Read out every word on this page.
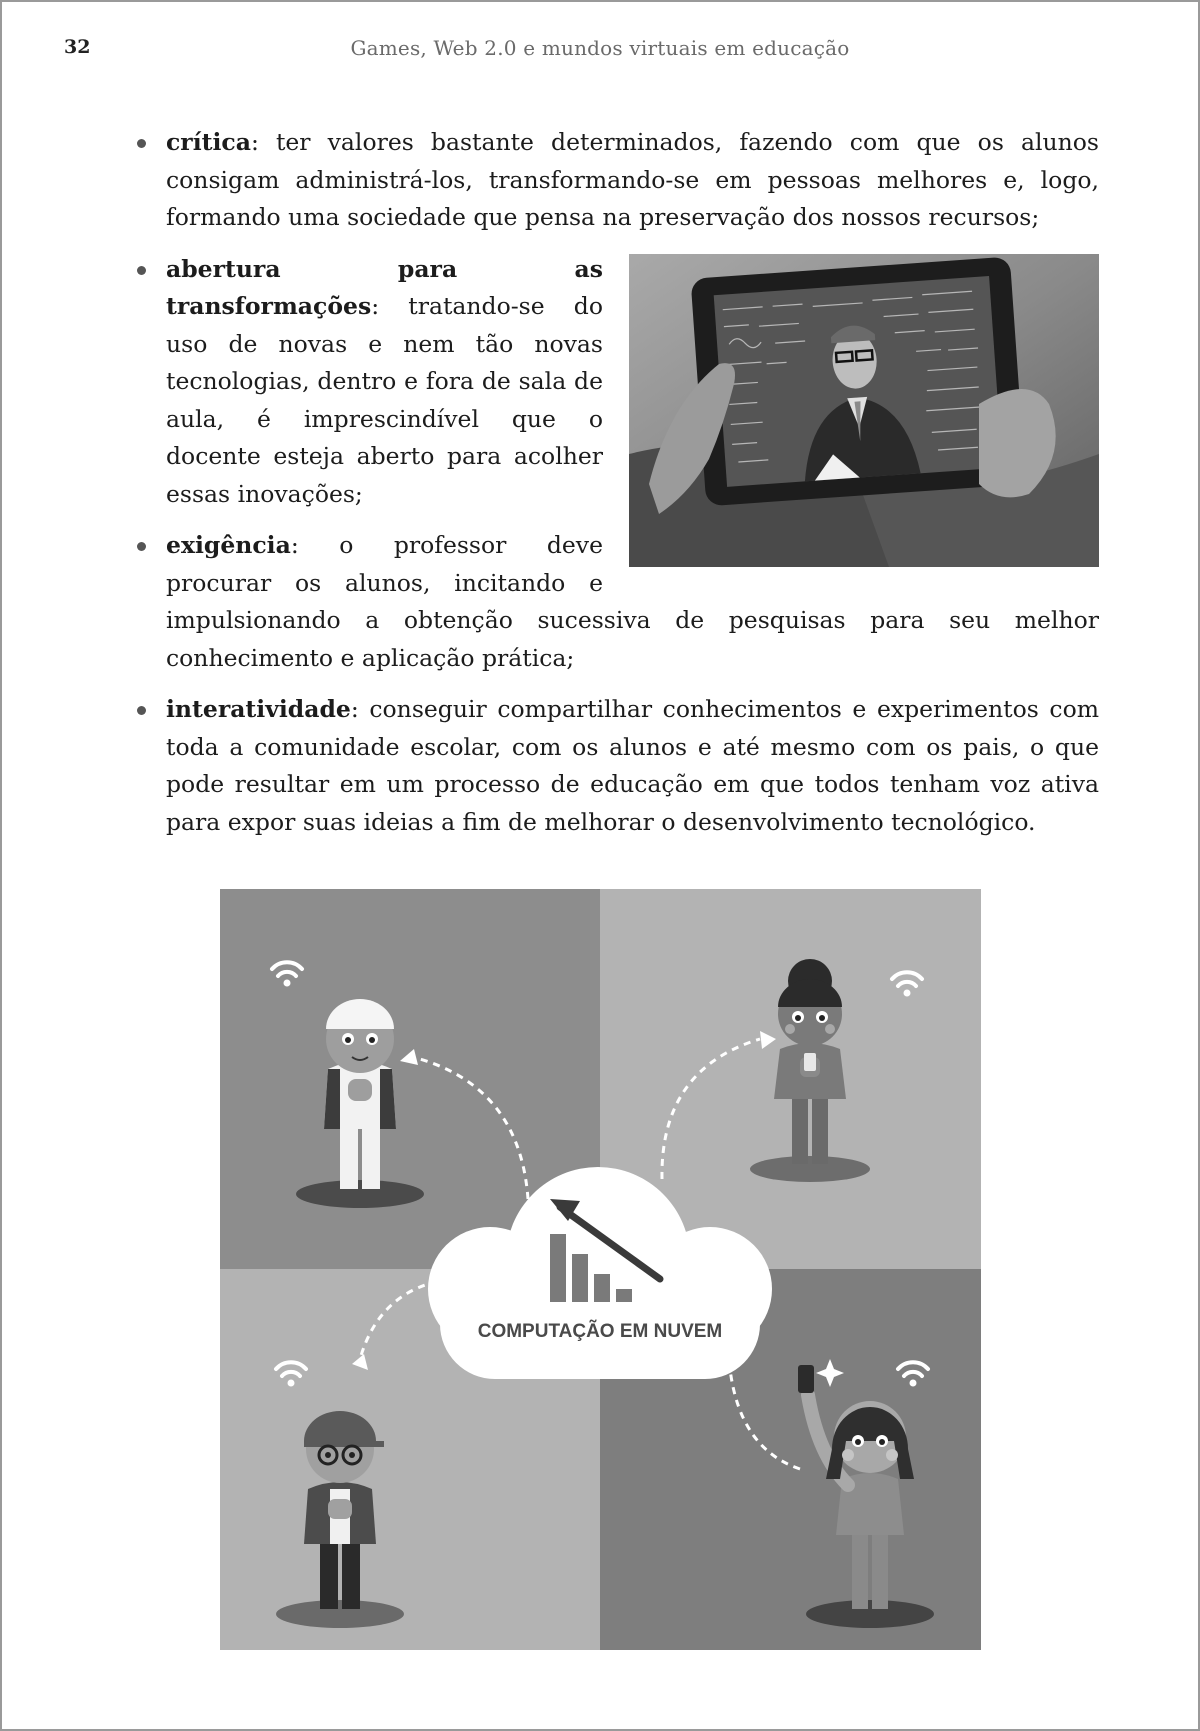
32	Games, Web 2.0 e mundos virtuais em educação
crítica: ter valores bastante determinados, fazendo com que os alunos consigam administrá-los, transformando-se em pessoas melhores e, logo, formando uma sociedade que pensa na preservação dos nossos recursos;
abertura para as transformações: tratando-se do uso de novas e nem tão novas tecnologias, dentro e fora de sala de aula, é imprescindível que o docente esteja aberto para acolher essas inovações;
exigência: o professor deve procurar os alunos, incitando e impulsionando a obtenção sucessiva de pesquisas para seu melhor conhecimento e aplicação prática;
interatividade: conseguir compartilhar conhecimentos e experimentos com toda a comunidade escolar, com os alunos e até mesmo com os pais, o que pode resultar em um processo de educação em que todos tenham voz ativa para expor suas ideias a fim de melhorar o desenvolvimento tecnológico.
COMPUTAÇÃO EM NUVEM
